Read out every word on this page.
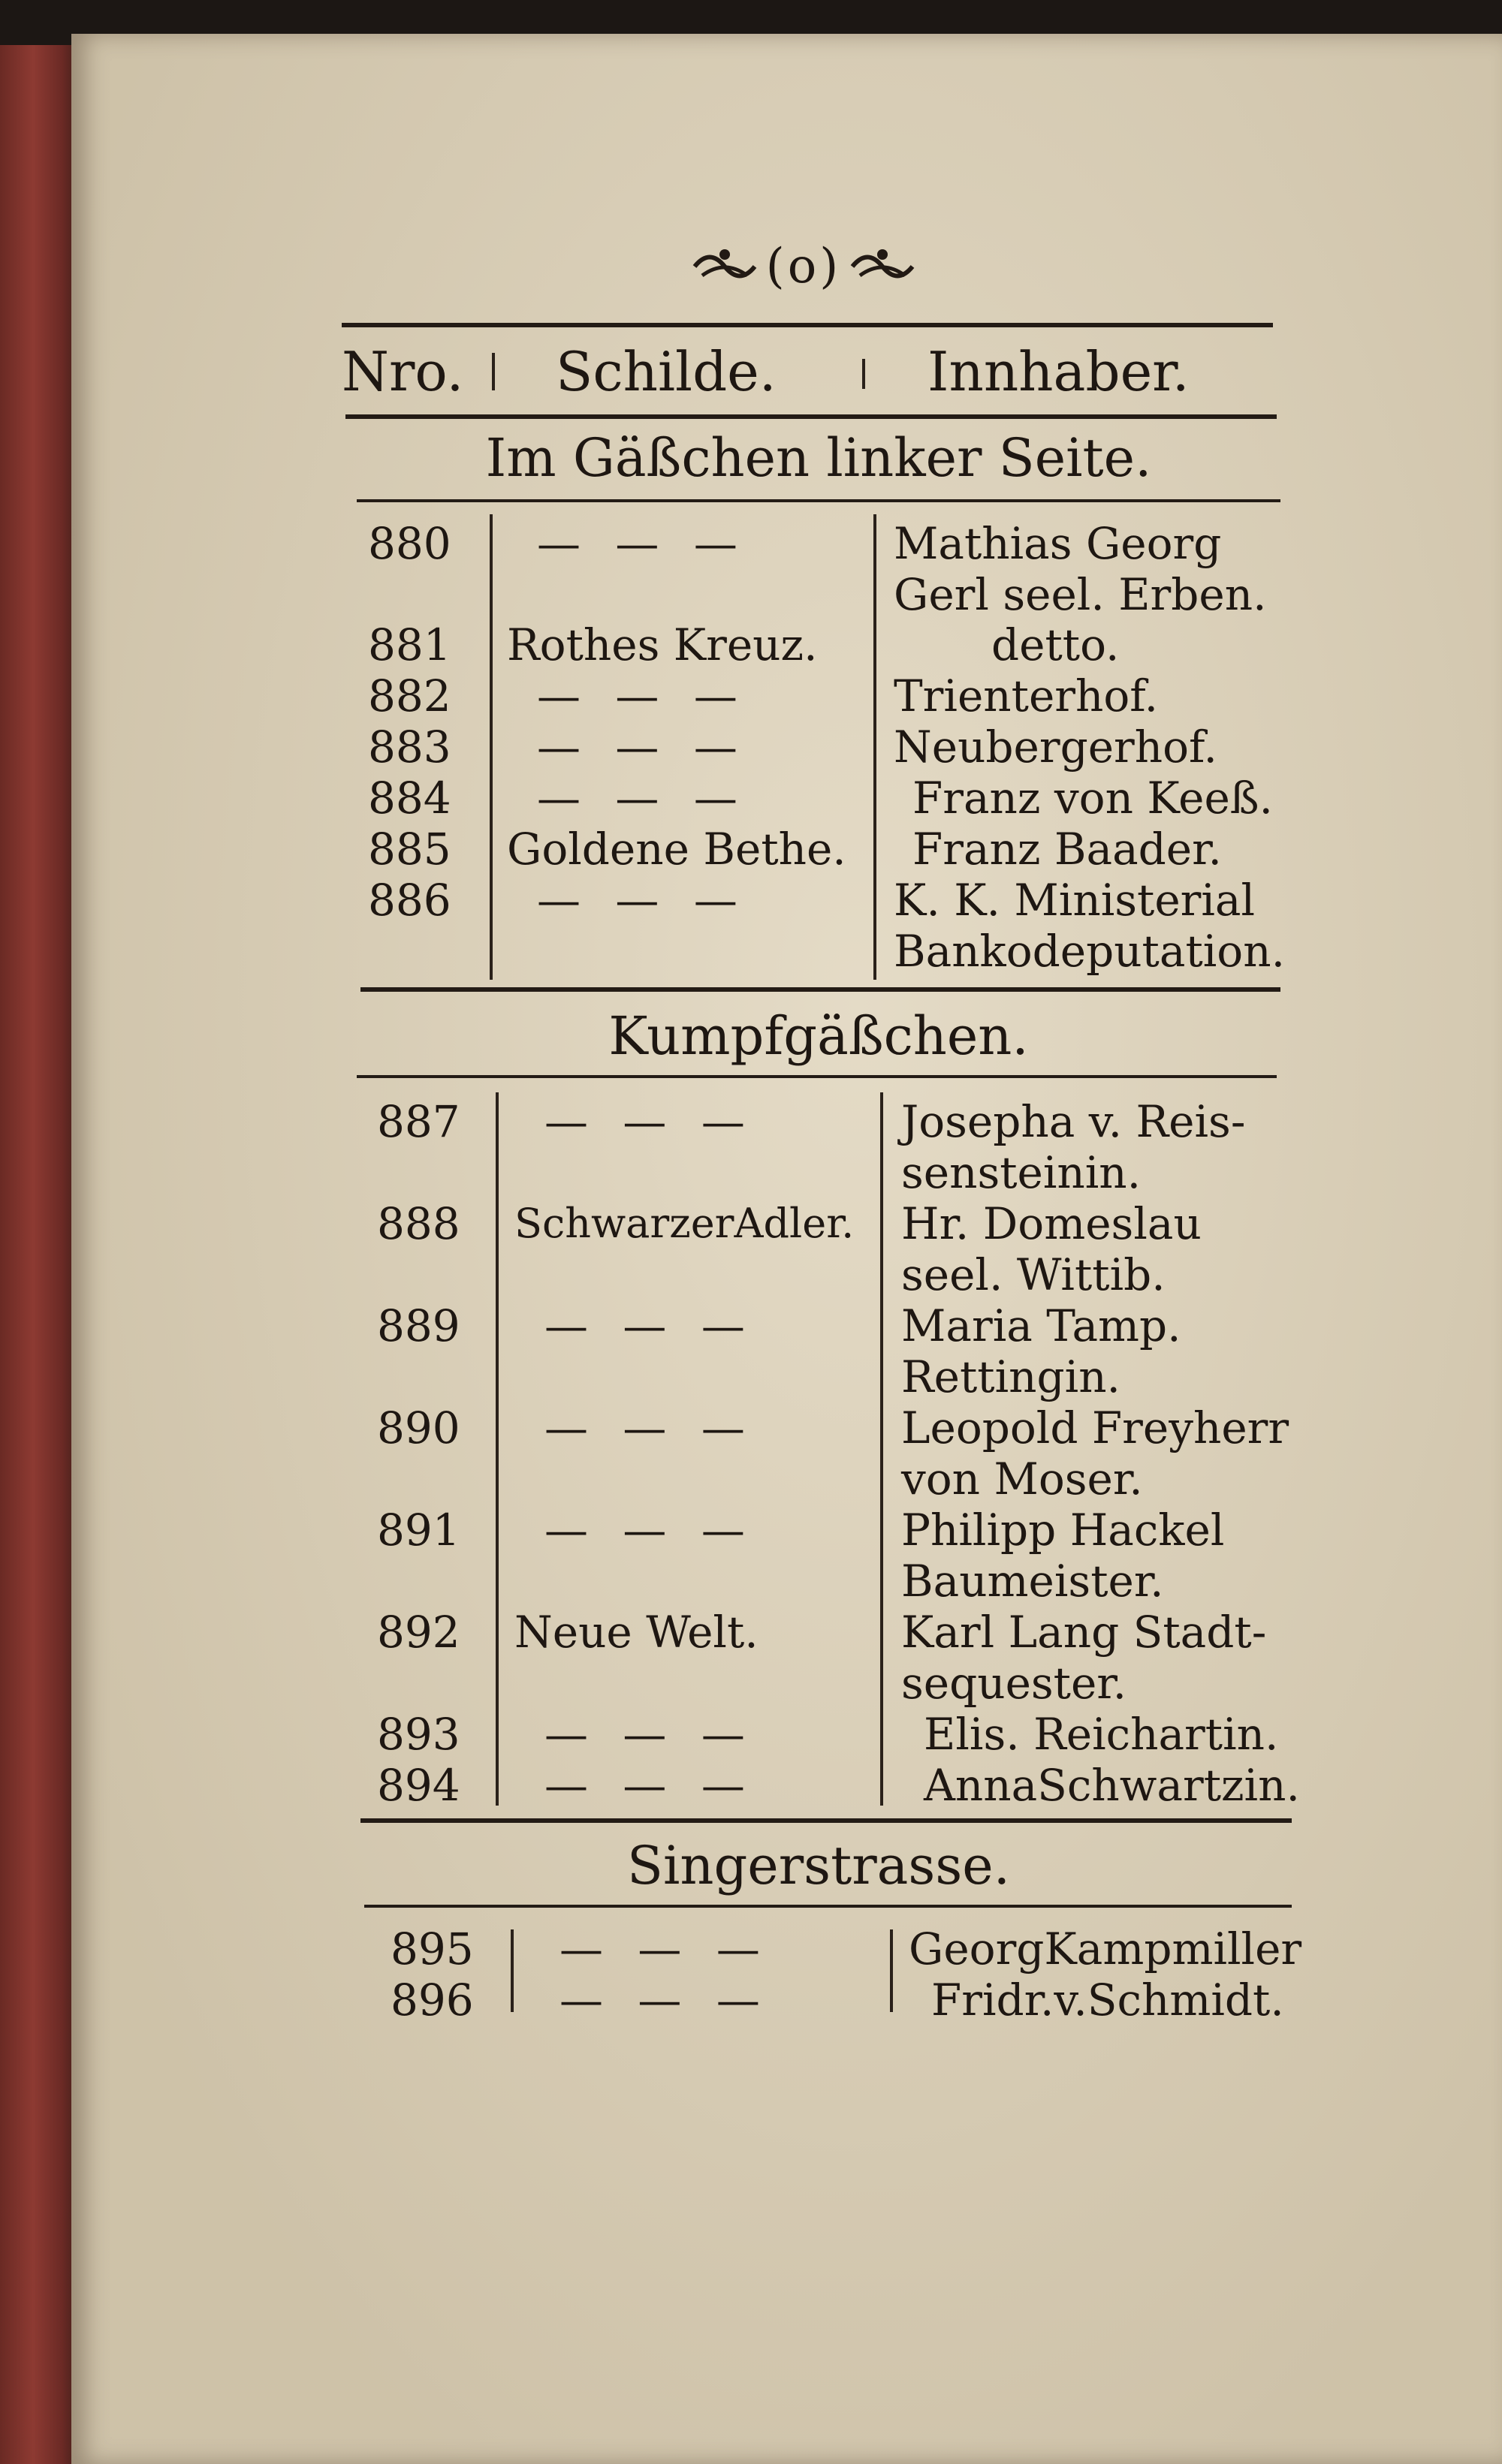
(o)
Nro. Schilde.	Innhaber.
Im Gäßchen linker Seite.
880	— — —	Mathias Georg Gerl seel. Erben.
881	Rothes Kreuz.	detto.
882	— — —	Trienterhof.
883	— — —	Neubergerhof.
884	— — —	Franz von Keeß.
885	Goldene Bethe.	Franz Baader.
886	— — —	K. K. Ministerial Bankodeputation.
Kumpfgäßchen.
887	— — —	Josepha v. Reis-sensteinin.
888	SchwarzerAdler.	Hr. Domeslau seel. Wittib.
889	— — —	Maria Tamp. Rettingin.
890	— — —	Leopold Freyherr von Moser.
891	— — —	Philipp Hackel Baumeister.
892	Neue Welt.	Karl Lang Stadt-sequester.
893	— — —	Elis. Reichartin.
894	— — —	AnnaSchwartzin.
Singerstrasse.
895	— — —	GeorgKampmiller
896	— — —	Fridr.v.Schmidt.
